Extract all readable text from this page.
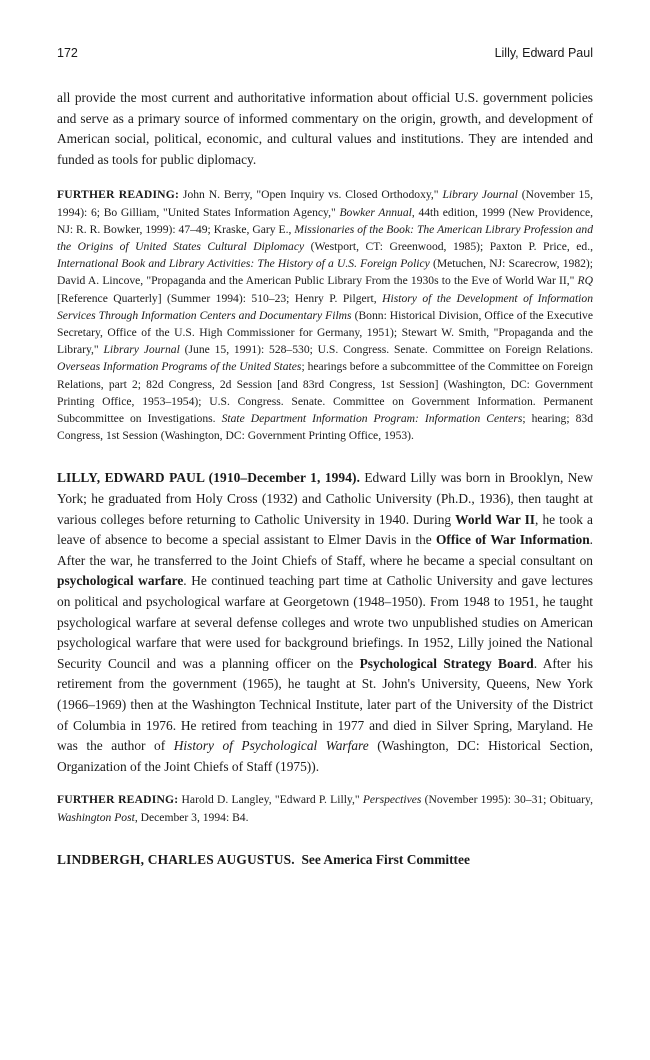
172	Lilly, Edward Paul

all provide the most current and authoritative information about official U.S. government policies and serve as a primary source of informed commentary on the origin, growth, and development of American social, political, economic, and cultural values and institutions. They are intended and funded as tools for public diplomacy.

FURTHER READING: John N. Berry, "Open Inquiry vs. Closed Orthodoxy," Library Journal (November 15, 1994): 6; Bo Gilliam, "United States Information Agency," Bowker Annual, 44th edition, 1999 (New Providence, NJ: R. R. Bowker, 1999): 47–49; Kraske, Gary E., Missionaries of the Book: The American Library Profession and the Origins of United States Cultural Diplomacy (Westport, CT: Greenwood, 1985); Paxton P. Price, ed., International Book and Library Activities: The History of a U.S. Foreign Policy (Metuchen, NJ: Scarecrow, 1982); David A. Lincove, "Propaganda and the American Public Library From the 1930s to the Eve of World War II," RQ [Reference Quarterly] (Summer 1994): 510–23; Henry P. Pilgert, History of the Development of Information Services Through Information Centers and Documentary Films (Bonn: Historical Division, Office of the Executive Secretary, Office of the U.S. High Commissioner for Germany, 1951); Stewart W. Smith, "Propaganda and the Library," Library Journal (June 15, 1991): 528–530; U.S. Congress. Senate. Committee on Foreign Relations. Overseas Information Programs of the United States; hearings before a subcommittee of the Committee on Foreign Relations, part 2; 82d Congress, 2d Session [and 83rd Congress, 1st Session] (Washington, DC: Government Printing Office, 1953–1954); U.S. Congress. Senate. Committee on Government Information. Permanent Subcommittee on Investigations. State Department Information Program: Information Centers; hearing; 83d Congress, 1st Session (Washington, DC: Government Printing Office, 1953).

LILLY, EDWARD PAUL (1910–December 1, 1994). Edward Lilly was born in Brooklyn, New York; he graduated from Holy Cross (1932) and Catholic University (Ph.D., 1936), then taught at various colleges before returning to Catholic University in 1940. During World War II, he took a leave of absence to become a special assistant to Elmer Davis in the Office of War Information. After the war, he transferred to the Joint Chiefs of Staff, where he became a special consultant on psychological warfare. He continued teaching part time at Catholic University and gave lectures on political and psychological warfare at Georgetown (1948–1950). From 1948 to 1951, he taught psychological warfare at several defense colleges and wrote two unpublished studies on American psychological warfare that were used for background briefings. In 1952, Lilly joined the National Security Council and was a planning officer on the Psychological Strategy Board. After his retirement from the government (1965), he taught at St. John's University, Queens, New York (1966–1969) then at the Washington Technical Institute, later part of the University of the District of Columbia in 1976. He retired from teaching in 1977 and died in Silver Spring, Maryland. He was the author of History of Psychological Warfare (Washington, DC: Historical Section, Organization of the Joint Chiefs of Staff (1975)).

FURTHER READING: Harold D. Langley, "Edward P. Lilly," Perspectives (November 1995): 30–31; Obituary, Washington Post, December 3, 1994: B4.

LINDBERGH, CHARLES AUGUSTUS. See America First Committee
